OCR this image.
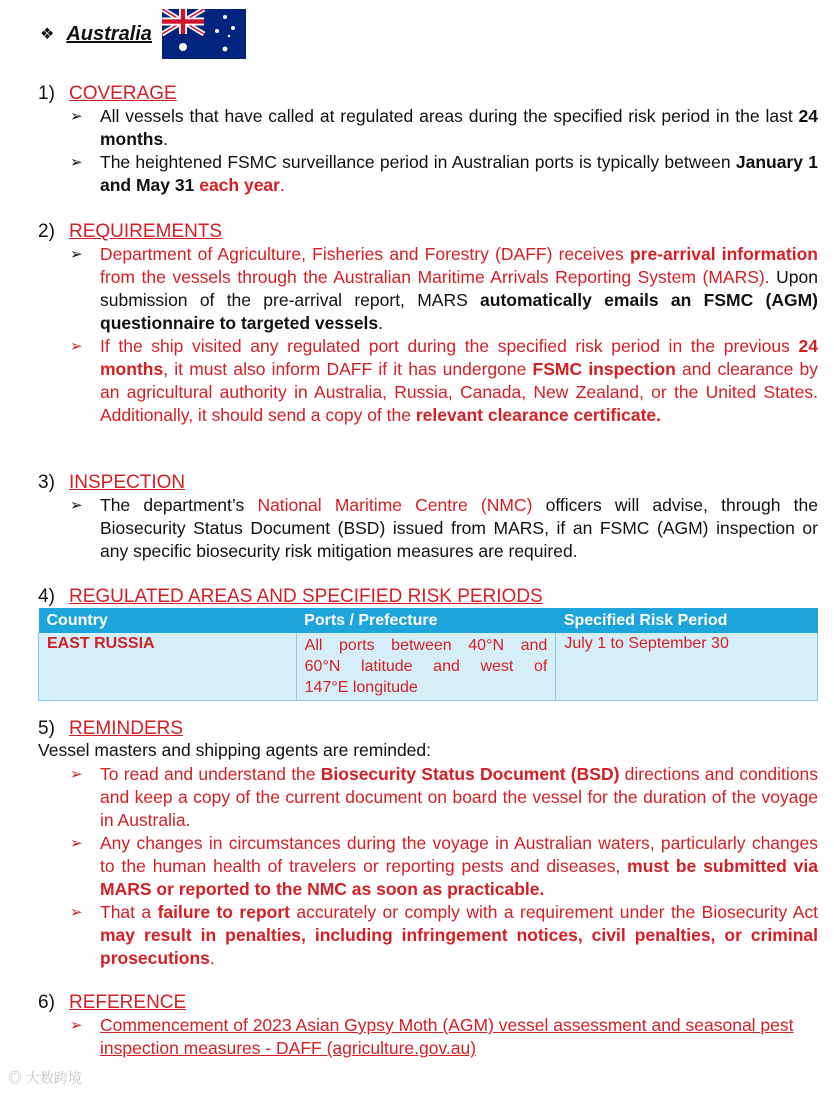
❖ Australia
1) COVERAGE
➢ All vessels that have called at regulated areas during the specified risk period in the last 24 months.
➢ The heightened FSMC surveillance period in Australian ports is typically between January 1 and May 31 each year.
2) REQUIREMENTS
➢ Department of Agriculture, Fisheries and Forestry (DAFF) receives pre-arrival information from the vessels through the Australian Maritime Arrivals Reporting System (MARS). Upon submission of the pre-arrival report, MARS automatically emails an FSMC (AGM) questionnaire to targeted vessels.
➢ If the ship visited any regulated port during the specified risk period in the previous 24 months, it must also inform DAFF if it has undergone FSMC inspection and clearance by an agricultural authority in Australia, Russia, Canada, New Zealand, or the United States. Additionally, it should send a copy of the relevant clearance certificate.
3) INSPECTION
➢ The department’s National Maritime Centre (NMC) officers will advise, through the Biosecurity Status Document (BSD) issued from MARS, if an FSMC (AGM) inspection or any specific biosecurity risk mitigation measures are required.
4) REGULATED AREAS AND SPECIFIED RISK PERIODS
Country	Ports / Prefecture	Specified Risk Period
EAST RUSSIA	All ports between 40°N and
60°N latitude and west of
147°E longitude	July 1 to September 30
5) REMINDERS
Vessel masters and shipping agents are reminded:
➢ To read and understand the Biosecurity Status Document (BSD) directions and conditions and keep a copy of the current document on board the vessel for the duration of the voyage in Australia.
➢ Any changes in circumstances during the voyage in Australian waters, particularly changes to the human health of travelers or reporting pests and diseases, must be submitted via MARS or reported to the NMC as soon as practicable.
➢ That a failure to report accurately or comply with a requirement under the Biosecurity Act may result in penalties, including infringement notices, civil penalties, or criminal prosecutions.
6) REFERENCE
➢ Commencement of 2023 Asian Gypsy Moth (AGM) vessel assessment and seasonal pest inspection measures - DAFF (agriculture.gov.au)
◎ 大数跨境
